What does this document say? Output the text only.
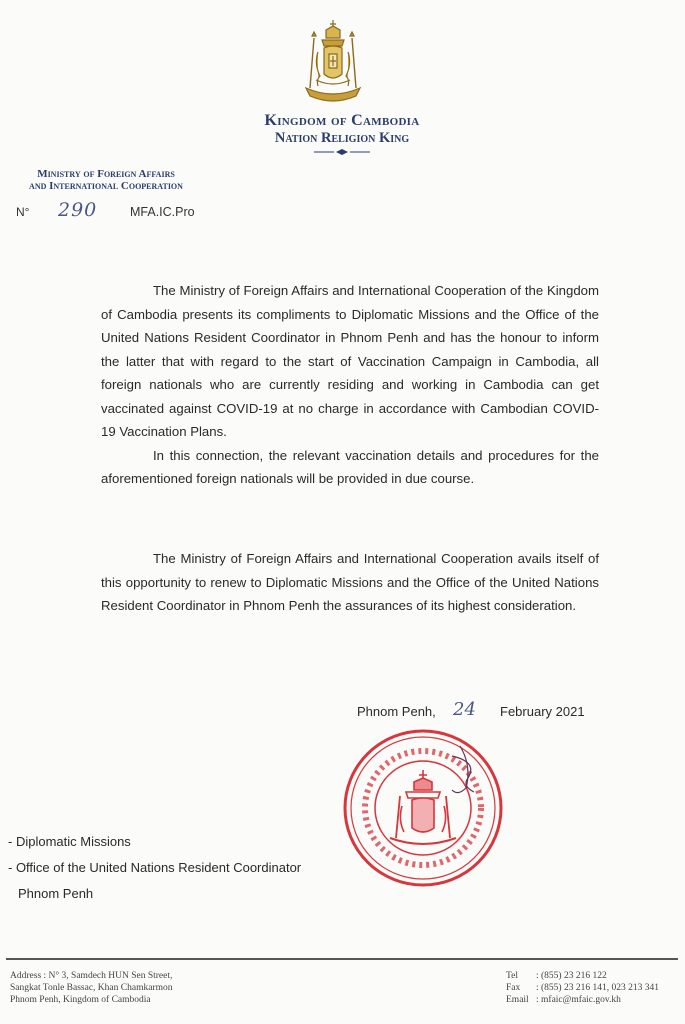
Kingdom of Cambodia
Nation Religion King
Ministry of Foreign Affairs
and International Cooperation
N° 290	MFA.IC.Pro

The Ministry of Foreign Affairs and International Cooperation of the Kingdom of Cambodia presents its compliments to Diplomatic Missions and the Office of the United Nations Resident Coordinator in Phnom Penh and has the honour to inform the latter that with regard to the start of Vaccination Campaign in Cambodia, all foreign nationals who are currently residing and working in Cambodia can get vaccinated against COVID-19 at no charge in accordance with Cambodian COVID-19 Vaccination Plans.

In this connection, the relevant vaccination details and procedures for the aforementioned foreign nationals will be provided in due course.

The Ministry of Foreign Affairs and International Cooperation avails itself of this opportunity to renew to Diplomatic Missions and the Office of the United Nations Resident Coordinator in Phnom Penh the assurances of its highest consideration.

Phnom Penh, 24 February 2021
- Diplomatic Missions
- Office of the United Nations Resident Coordinator
Phnom Penh
Address : N° 3, Samdech HUN Sen Street,
Sangkat Tonle Bassac, Khan Chamkarmon
Phnom Penh, Kingdom of Cambodia
Tel : (855) 23 216 122
Fax : (855) 23 216 141, 023 213 341
Email : mfaic@mfaic.gov.kh
